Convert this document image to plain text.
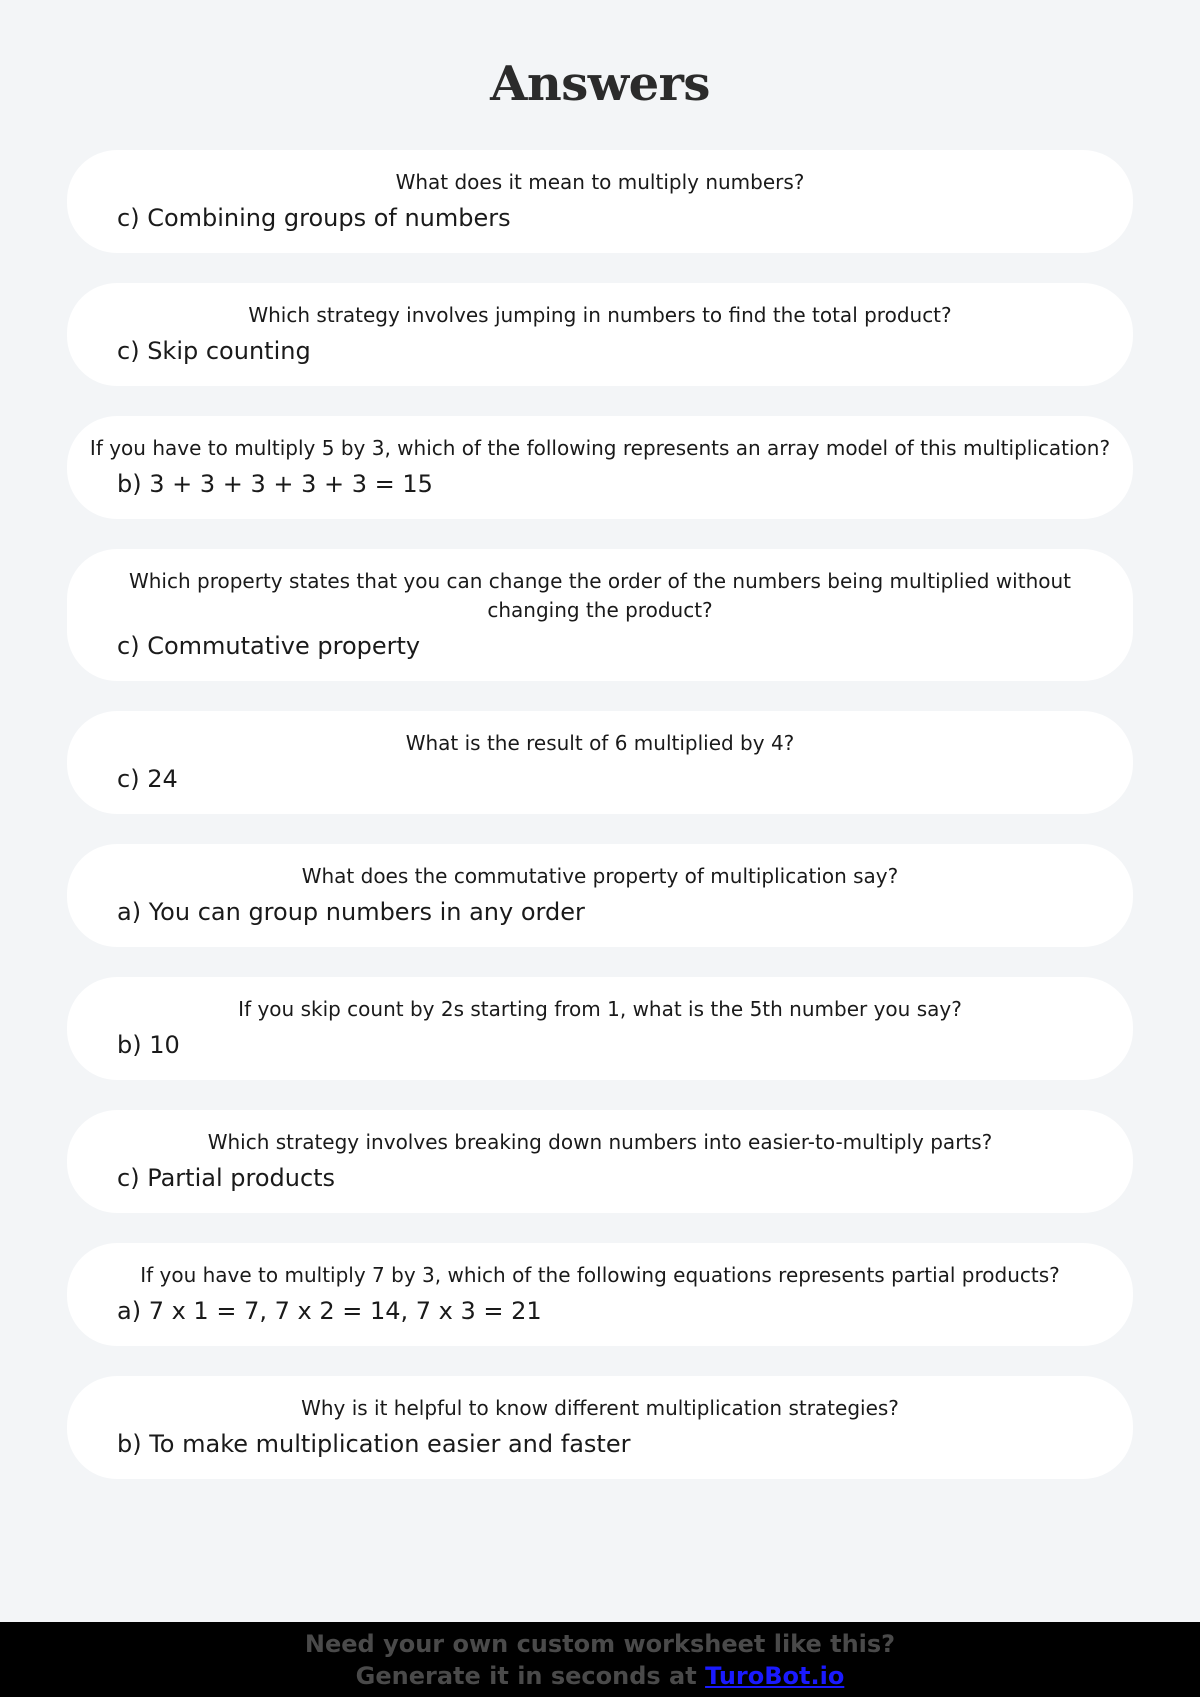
Answers
What does it mean to multiply numbers?
c) Combining groups of numbers
Which strategy involves jumping in numbers to find the total product?
c) Skip counting
If you have to multiply 5 by 3, which of the following represents an array model of this multiplication?
b) 3 + 3 + 3 + 3 + 3 = 15
Which property states that you can change the order of the numbers being multiplied without changing the product?
c) Commutative property
What is the result of 6 multiplied by 4?
c) 24
What does the commutative property of multiplication say?
a) You can group numbers in any order
If you skip count by 2s starting from 1, what is the 5th number you say?
b) 10
Which strategy involves breaking down numbers into easier-to-multiply parts?
c) Partial products
If you have to multiply 7 by 3, which of the following equations represents partial products?
a) 7 x 1 = 7, 7 x 2 = 14, 7 x 3 = 21
Why is it helpful to know different multiplication strategies?
b) To make multiplication easier and faster
Need your own custom worksheet like this?
Generate it in seconds at TuroBot.io
